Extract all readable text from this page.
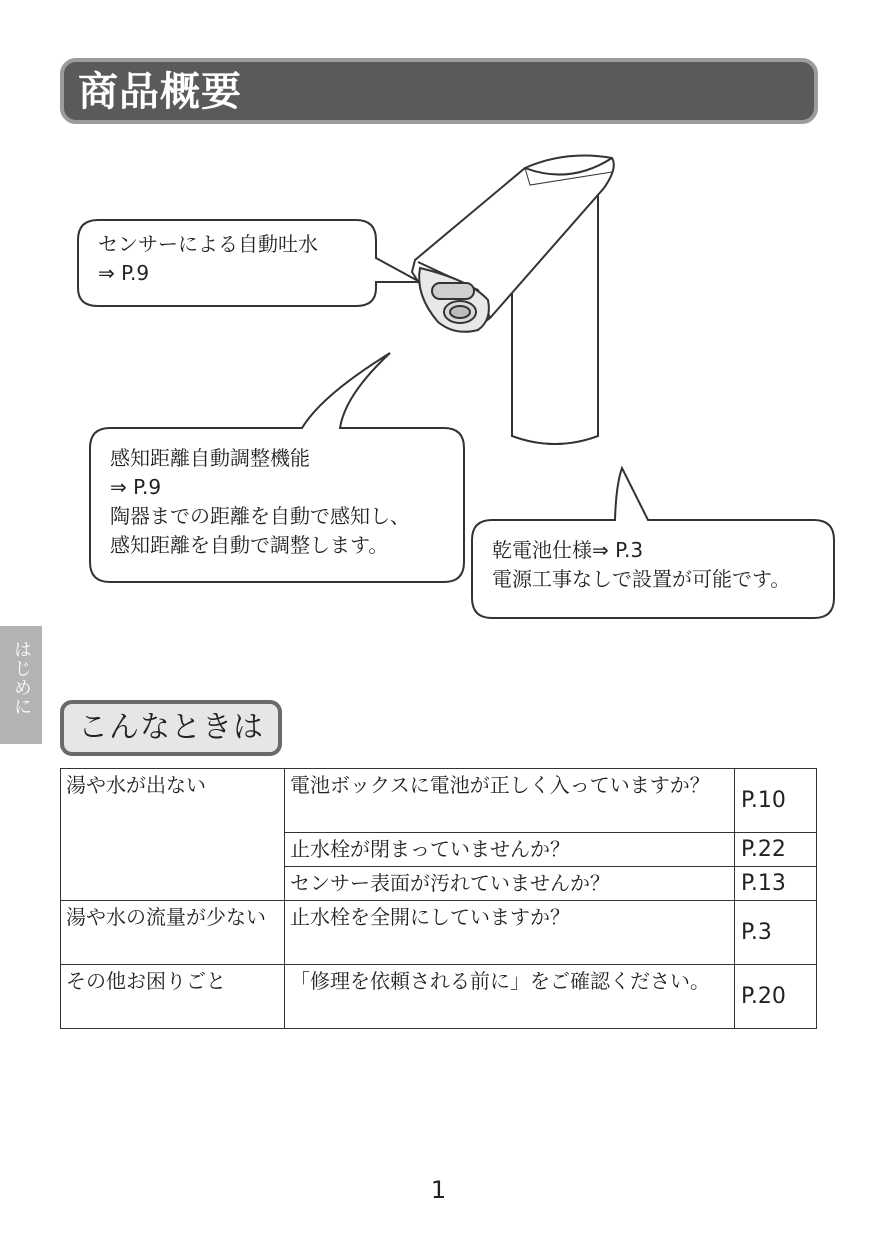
商品概要
センサーによる自動吐水
⇒ P.9
感知距離自動調整機能
⇒ P.9
陶器までの距離を自動で感知し、
感知距離を自動で調整します。	乾電池仕様⇒ P.3
電源工事なしで設置が可能です。
はじめに
こんなときは
湯や水が出ない	電池ボックスに電池が正しく入っていますか？	P.10
	止水栓が閉まっていませんか？	P.22
	センサー表面が汚れていませんか？	P.13
湯や水の流量が少ない	止水栓を全開にしていますか？	P.3
その他お困りごと	「修理を依頼される前に」をご確認ください。	P.20
1
